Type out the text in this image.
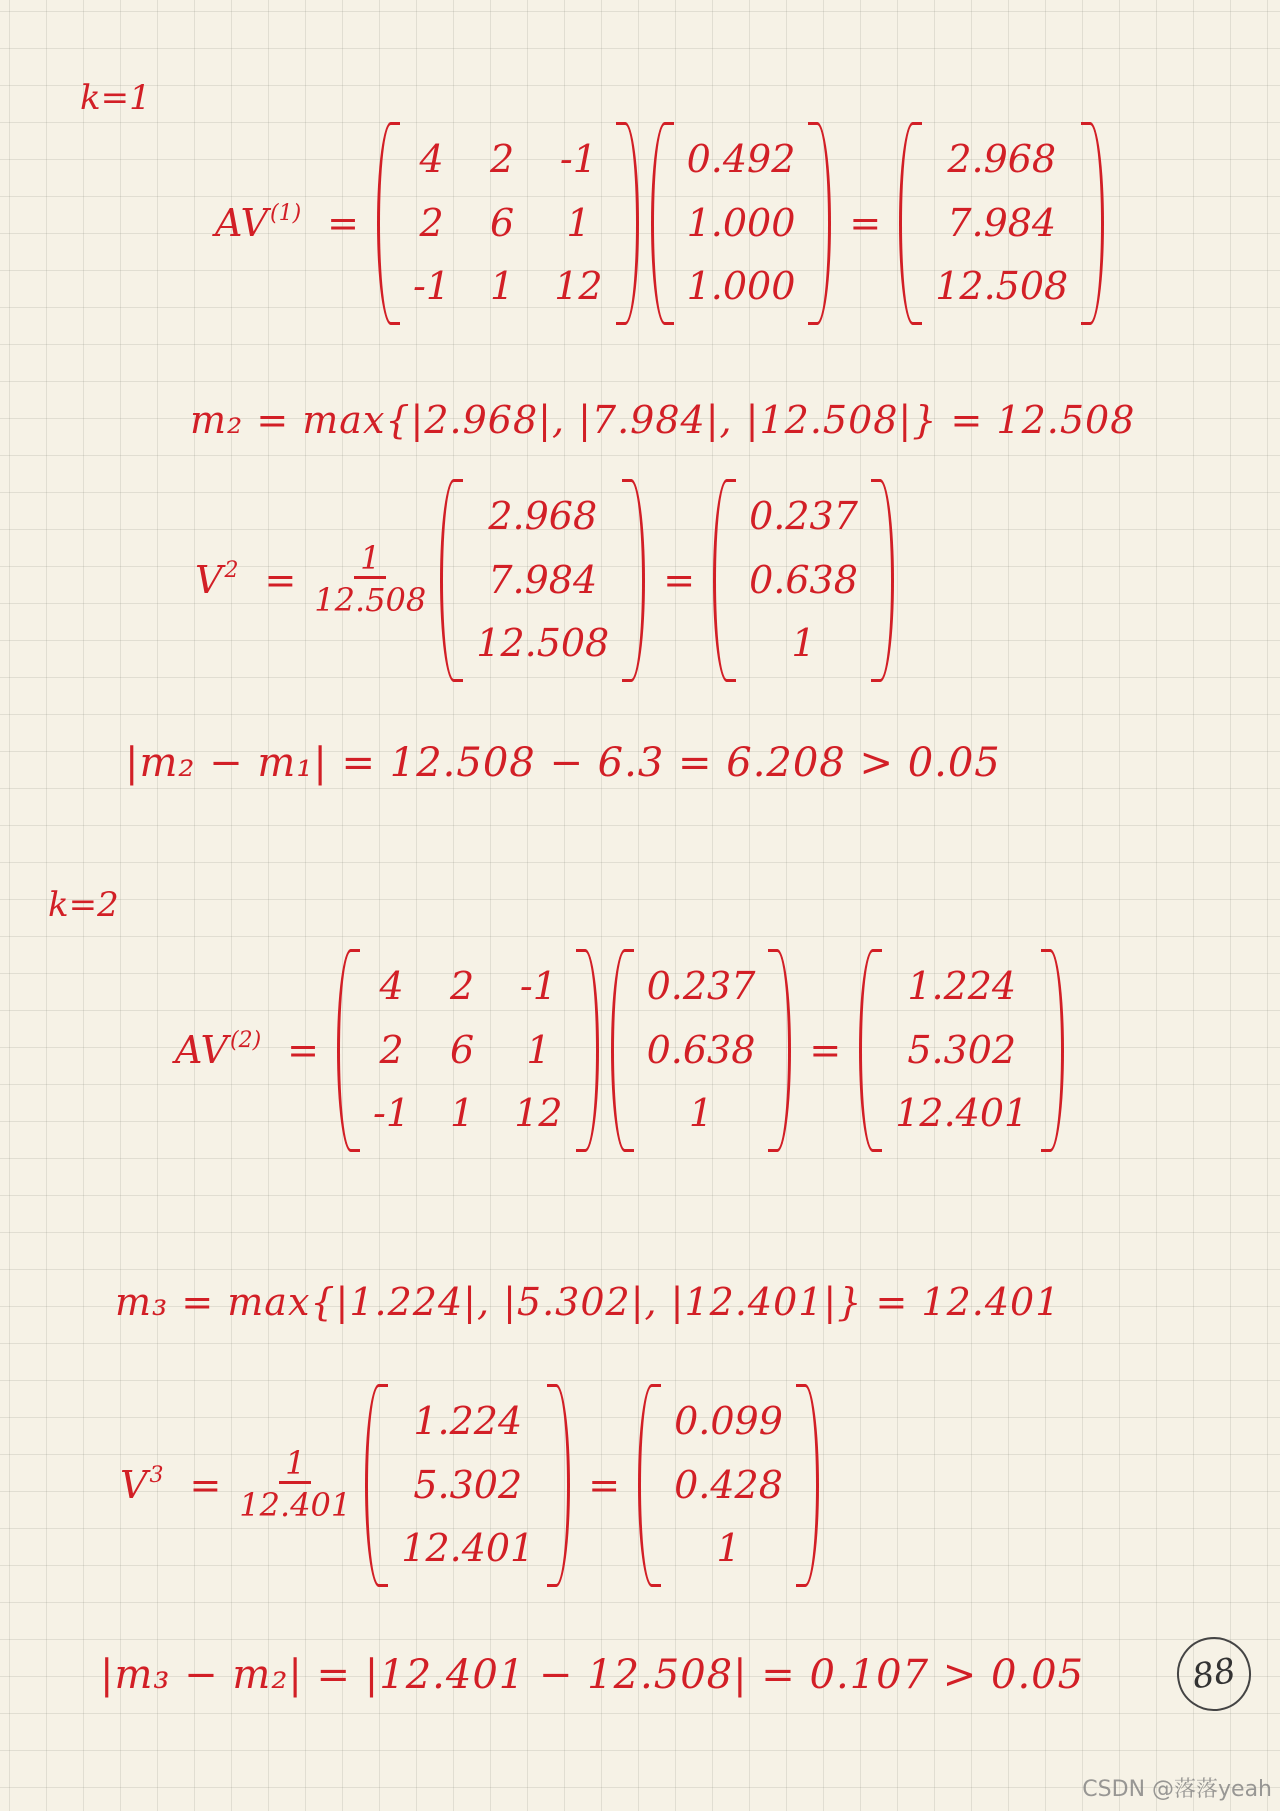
k=1
$AV^{(1)}$ =
4	2	-1
2	6	1
-1	1	12
0.492
1.000
1.000
=
2.968
7.984
12.508
m₂ = max{|2.968|, |7.984|, |12.508|} = 12.508
$V^2 = \frac{1}{12.508}$
2.968
7.984
12.508
=
0.237
0.638
1
|m₂ − m₁| = 12.508 − 6.3 = 6.208 > 0.05
k=2
$AV^{(2)}$ =
4	2	-1
2	6	1
-1	1	12
0.237
0.638
1
=
1.224
5.302
12.401
m₃ = max{|1.224|, |5.302|, |12.401|} = 12.401
$V^3 = \frac{1}{12.401}$
1.224
5.302
12.401
=
0.099
0.428
1
|m₃ − m₂| = |12.401 − 12.508| = 0.107 > 0.05	88
CSDN @落落yeah
